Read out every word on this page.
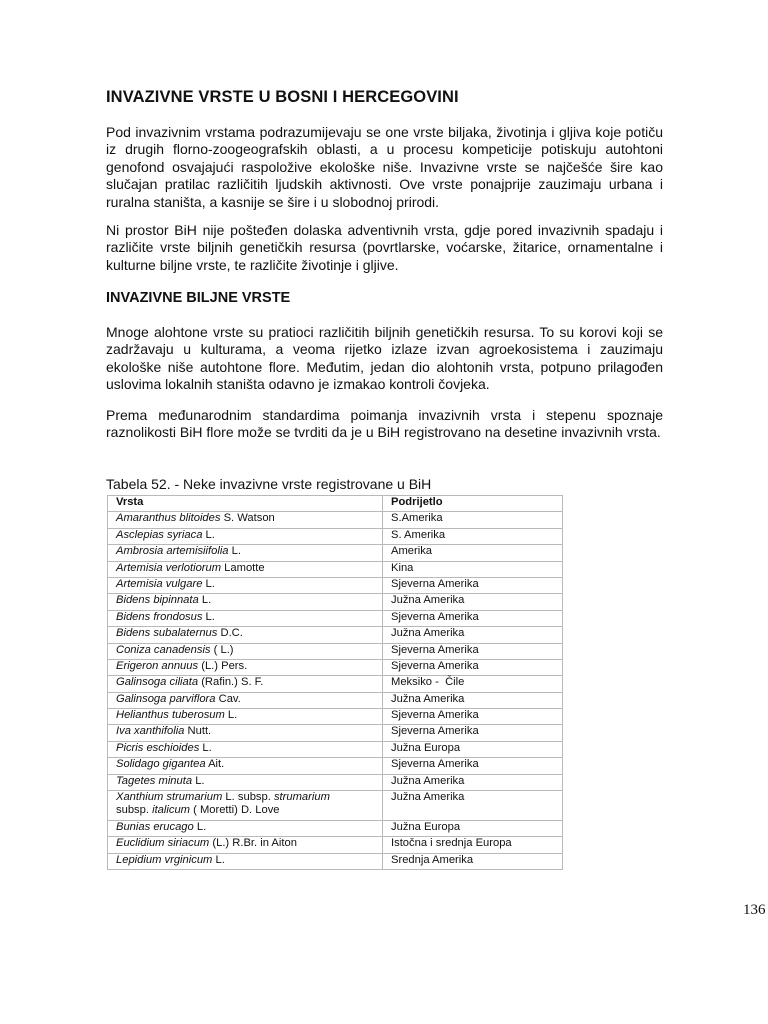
INVAZIVNE VRSTE U BOSNI I HERCEGOVINI

Pod invazivnim vrstama podrazumijevaju se one vrste biljaka, životinja i gljiva koje potiču iz drugih florno-zoogeografskih oblasti, a u procesu kompeticije potiskuju autohtoni genofond osvajajući raspoložive ekološke niše. Invazivne vrste se najčešće šire kao slučajan pratilac različitih ljudskih aktivnosti. Ove vrste ponajprije zauzimaju urbana i ruralna staništa, a kasnije se šire i u slobodnoj prirodi.

Ni prostor BiH nije pošteđen dolaska adventivnih vrsta, gdje pored invazivnih spadaju i različite vrste biljnih genetičkih resursa (povrtlarske, voćarske, žitarice, ornamentalne i kulturne biljne vrste, te različite životinje i gljive.

INVAZIVNE BILJNE VRSTE

Mnoge alohtone vrste su pratioci različitih biljnih genetičkih resursa. To su korovi koji se zadržavaju u kulturama, a veoma rijetko izlaze izvan agroekosistema i zauzimaju ekološke niše autohtone flore. Međutim, jedan dio alohtonih vrsta, potpuno prilagođen uslovima lokalnih staništa odavno je izmakao kontroli čovjeka.

Prema međunarodnim standardima poimanja invazivnih vrsta i stepenu spoznaje raznolikosti BiH flore može se tvrditi da je u BiH registrovano na desetine invazivnih vrsta.

Tabela 52. - Neke invazivne vrste registrovane u BiH

Vrsta	Podrijetlo
Amaranthus blitoides S. Watson	S.Amerika
Asclepias syriaca L.	S. Amerika
Ambrosia artemisiifolia L.	Amerika
Artemisia verlotiorum Lamotte	Kina
Artemisia vulgare L.	Sjeverna Amerika
Bidens bipinnata L.	Južna Amerika
Bidens frondosus L.	Sjeverna Amerika
Bidens subalaternus D.C.	Južna Amerika
Coniza canadensis ( L.)	Sjeverna Amerika
Erigeron annuus (L.) Pers.	Sjeverna Amerika
Galinsoga ciliata (Rafin.) S. F.	Meksiko -  Čile
Galinsoga parviflora Cav.	Južna Amerika
Helianthus tuberosum L.	Sjeverna Amerika
Iva xanthifolia Nutt.	Sjeverna Amerika
Picris eschioides L.	Južna Europa
Solidago gigantea Ait.	Sjeverna Amerika
Tagetes minuta L.	Južna Amerika
Xanthium strumarium L. subsp. strumarium
subsp. italicum ( Moretti) D. Love	Južna Amerika
Bunias erucago L.	Južna Europa
Euclidium siriacum (L.) R.Br. in Aiton	Istočna i srednja Europa
Lepidium vrginicum L.	Srednja Amerika
136
